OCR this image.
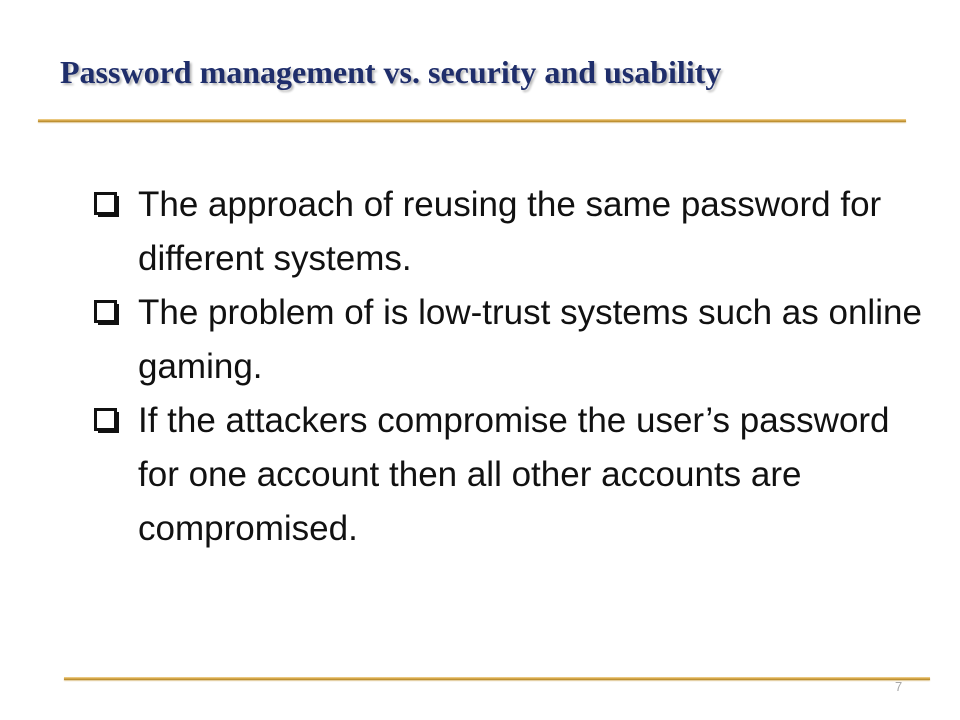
Password management vs. security and usability
The approach of reusing the same password for different systems.
The problem of is low-trust systems such as online gaming.
If the attackers compromise the user’s password for one account then all other accounts are compromised.
7
